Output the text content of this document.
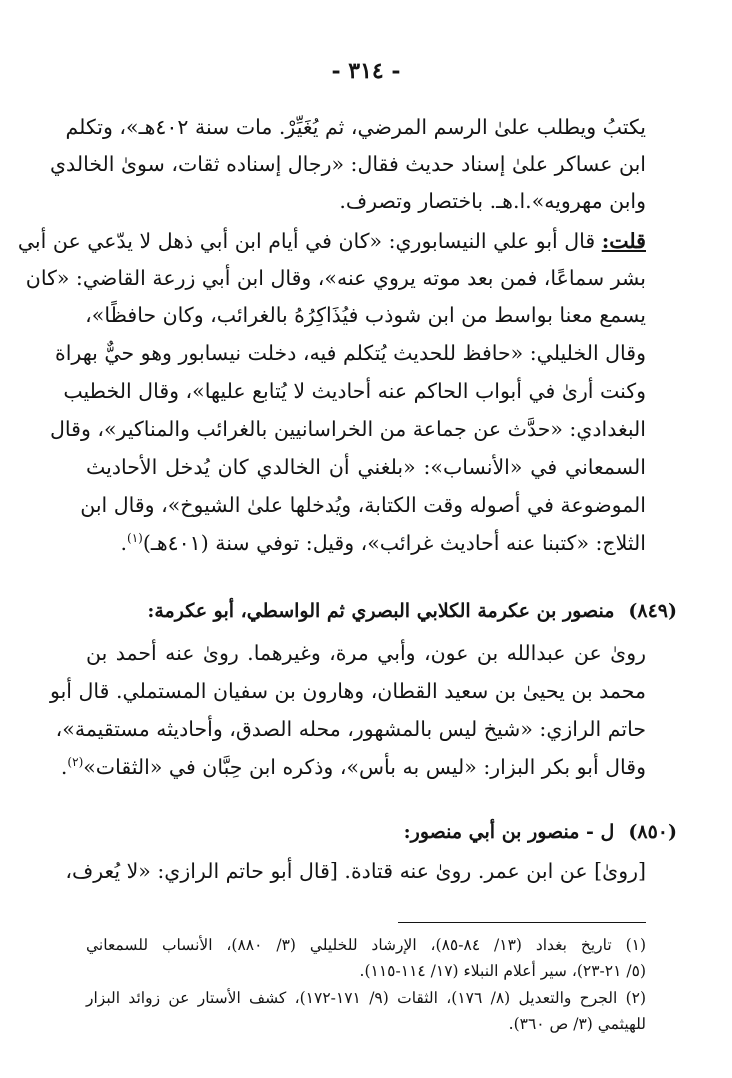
- ٣١٤ -
يكتبُ ويطلب علىٰ الرسم المرضي، ثم يُغَيِّرْ. مات سنة ٤٠٢هـ»، وتكلم
ابن عساكر علىٰ إسناد حديث فقال: «رجال إسناده ثقات، سوىٰ الخالدي
وابن مهرويه».ا.هـ. باختصار وتصرف.
قلت: قال أبو علي النيسابوري: «كان في أيام ابن أبي ذهل لا يدّعي عن أبي
بشر سماعًا، فمن بعد موته يروي عنه»، وقال ابن أبي زرعة القاضي: «كان
يسمع معنا بواسط من ابن شوذب فيُذَاكِرُهُ بالغرائب، وكان حافظًا»،
وقال الخليلي: «حافظ للحديث يُتكلم فيه، دخلت نيسابور وهو حيٌّ بهراة
وكنت أرىٰ في أبواب الحاكم عنه أحاديث لا يُتابع عليها»، وقال الخطيب
البغدادي: «حدَّث عن جماعة من الخراسانيين بالغرائب والمناكير»، وقال
السمعاني في «الأنساب»: «بلغني أن الخالدي كان يُدخل الأحاديث
الموضوعة في أصوله وقت الكتابة، ويُدخلها علىٰ الشيوخ»، وقال ابن
الثلاج: «كتبنا عنه أحاديث غرائب»، وقيل: توفي سنة (٤٠١هـ)$^{(١)}$.
(٨٤٩)منصور بن عكرمة الكلابي البصري ثم الواسطي، أبو عكرمة:
روىٰ عن عبدالله بن عون، وأبي مرة، وغيرهما. روىٰ عنه أحمد بن
محمد بن يحيىٰ بن سعيد القطان، وهارون بن سفيان المستملي. قال أبو
حاتم الرازي: «شيخ ليس بالمشهور، محله الصدق، وأحاديثه مستقيمة»،
وقال أبو بكر البزار: «ليس به بأس»، وذكره ابن حِبَّان في «الثقات»$^{(٢)}$.
(٨٥٠)ل - منصور بن أبي منصور:
[روىٰ] عن ابن عمر. روىٰ عنه قتادة. [قال أبو حاتم الرازي: «لا يُعرف،
(١) تاريخ بغداد (١٣/ ٨٤-٨٥)، الإرشاد للخليلي (٣/ ٨٨٠)، الأنساب للسمعاني
(٥/ ٢١-٢٣)، سير أعلام النبلاء (١٧/ ١١٤-١١٥).
(٢) الجرح والتعديل (٨/ ١٧٦)، الثقات (٩/ ١٧١-١٧٢)، كشف الأستار عن زوائد البزار
للهيثمي (٣/ ص ٣٦٠).
